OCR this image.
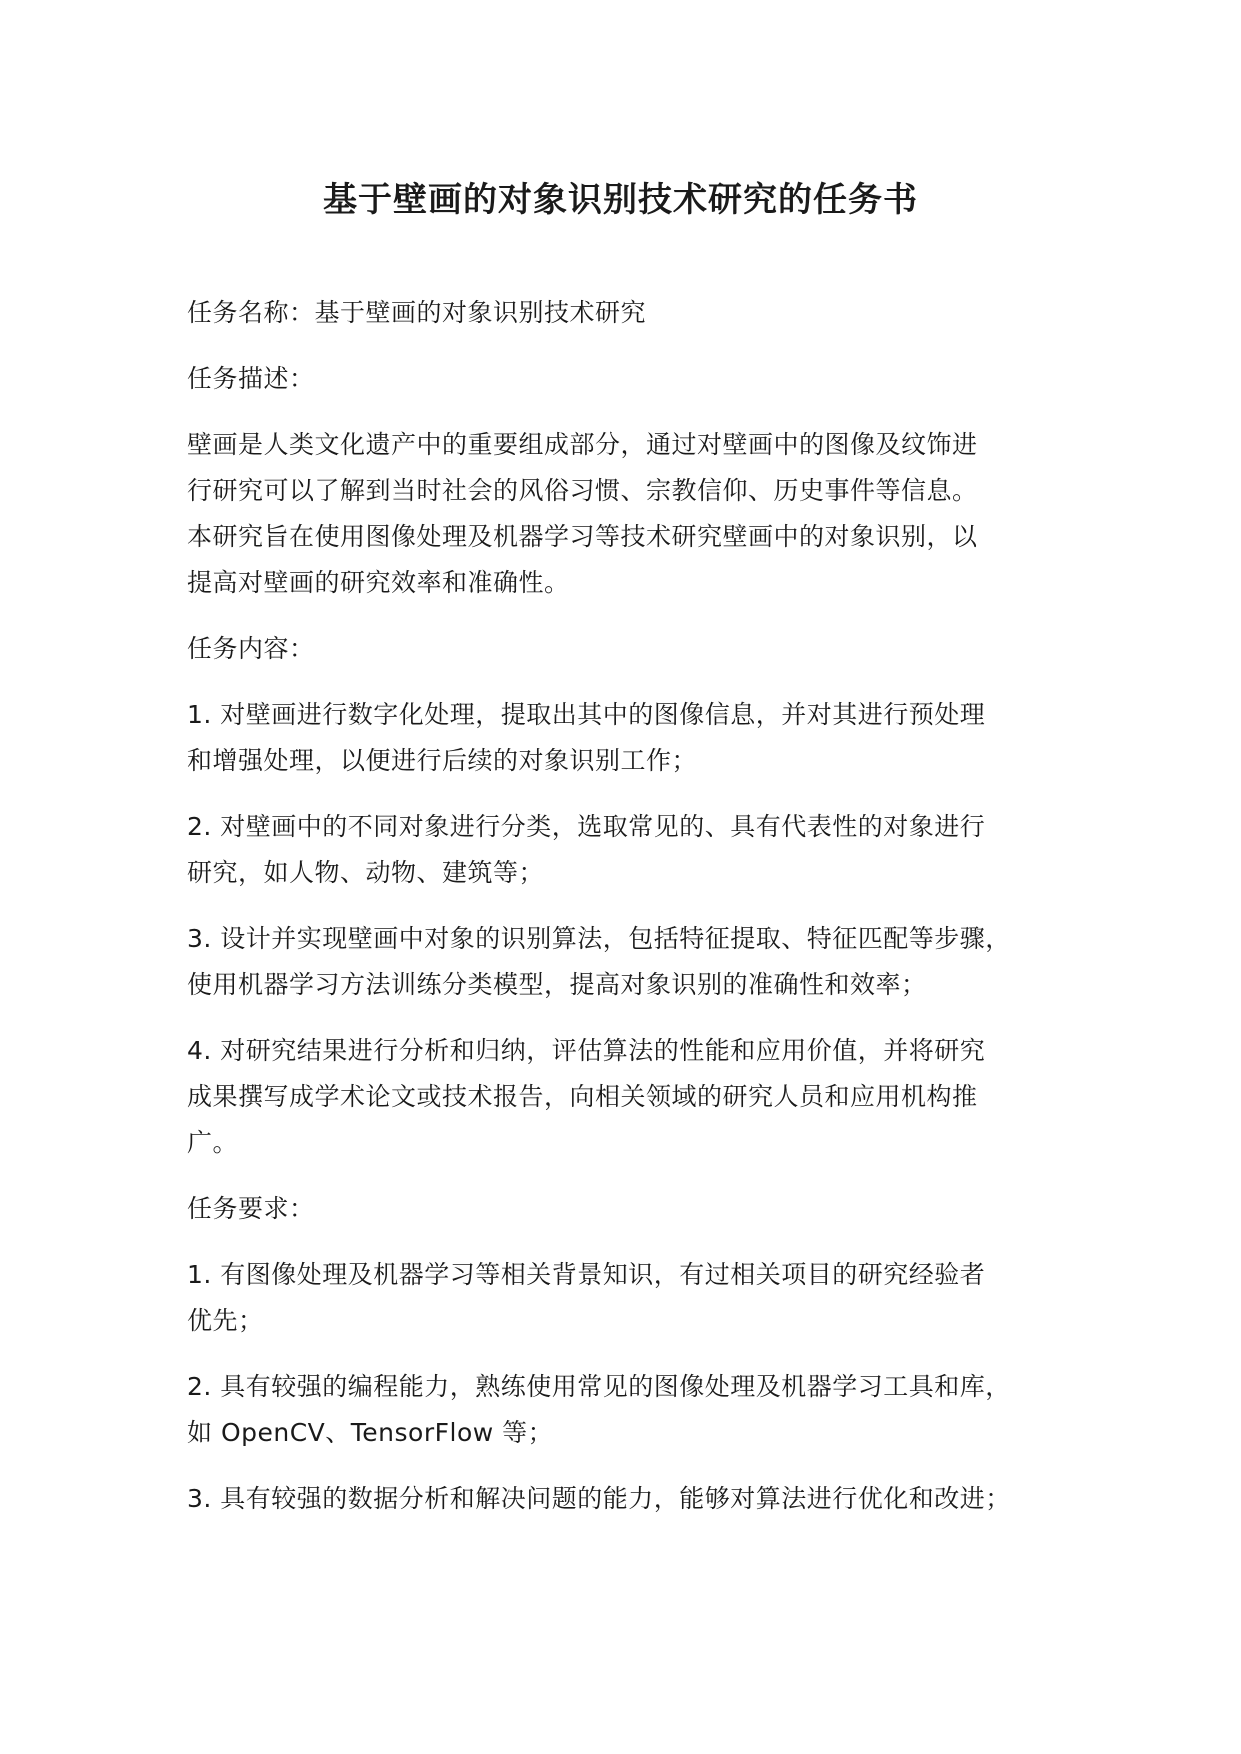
基于壁画的对象识别技术研究的任务书

任务名称：基于壁画的对象识别技术研究

任务描述：

壁画是人类文化遗产中的重要组成部分，通过对壁画中的图像及纹饰进
行研究可以了解到当时社会的风俗习惯、宗教信仰、历史事件等信息。
本研究旨在使用图像处理及机器学习等技术研究壁画中的对象识别，以
提高对壁画的研究效率和准确性。

任务内容：

1. 对壁画进行数字化处理，提取出其中的图像信息，并对其进行预处理
和增强处理，以便进行后续的对象识别工作；

2. 对壁画中的不同对象进行分类，选取常见的、具有代表性的对象进行
研究，如人物、动物、建筑等；

3. 设计并实现壁画中对象的识别算法，包括特征提取、特征匹配等步骤，
使用机器学习方法训练分类模型，提高对象识别的准确性和效率；

4. 对研究结果进行分析和归纳，评估算法的性能和应用价值，并将研究
成果撰写成学术论文或技术报告，向相关领域的研究人员和应用机构推
广。

任务要求：

1. 有图像处理及机器学习等相关背景知识，有过相关项目的研究经验者
优先；

2. 具有较强的编程能力，熟练使用常见的图像处理及机器学习工具和库，
如 OpenCV、TensorFlow 等；

3. 具有较强的数据分析和解决问题的能力，能够对算法进行优化和改进；
